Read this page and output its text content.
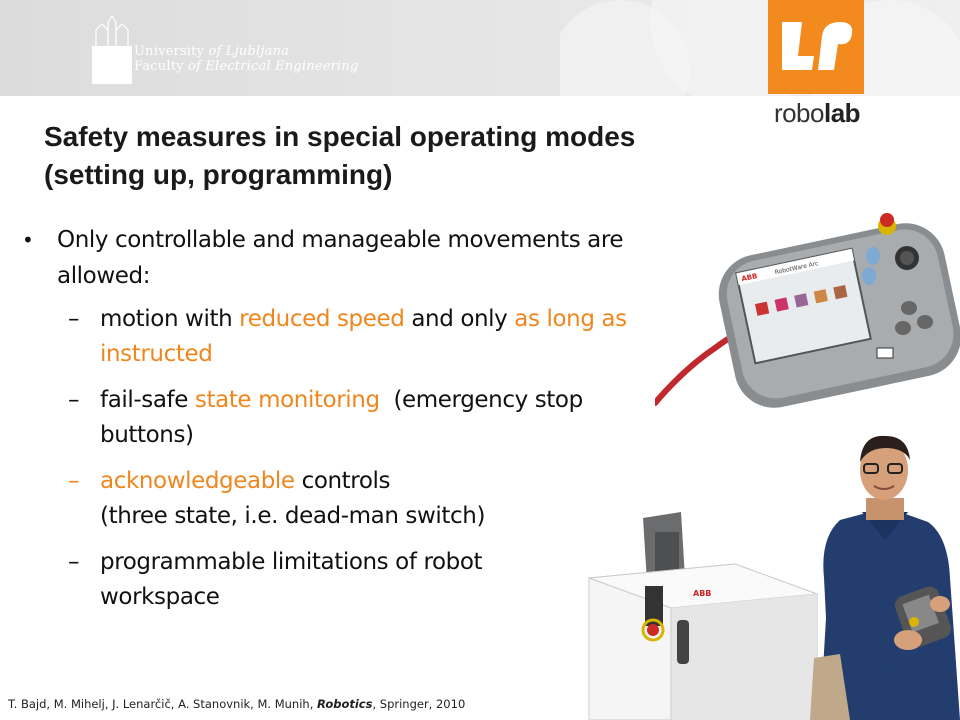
University of Ljubljana
Faculty of Electrical Engineering
robolab
Safety measures in special operating modes
(setting up, programming)
• Only controllable and manageable movements are
allowed:
– motion with reduced speed and only as long as
instructed
– fail-safe state monitoring  (emergency stop
buttons)
– acknowledgeable controls
(three state, i.e. dead-man switch)
– programmable limitations of robot
workspace
ABB
RobotWare Arc
ABB
T. Bajd, M. Mihelj, J. Lenarčič, A. Stanovnik, M. Munih, Robotics, Springer, 2010
